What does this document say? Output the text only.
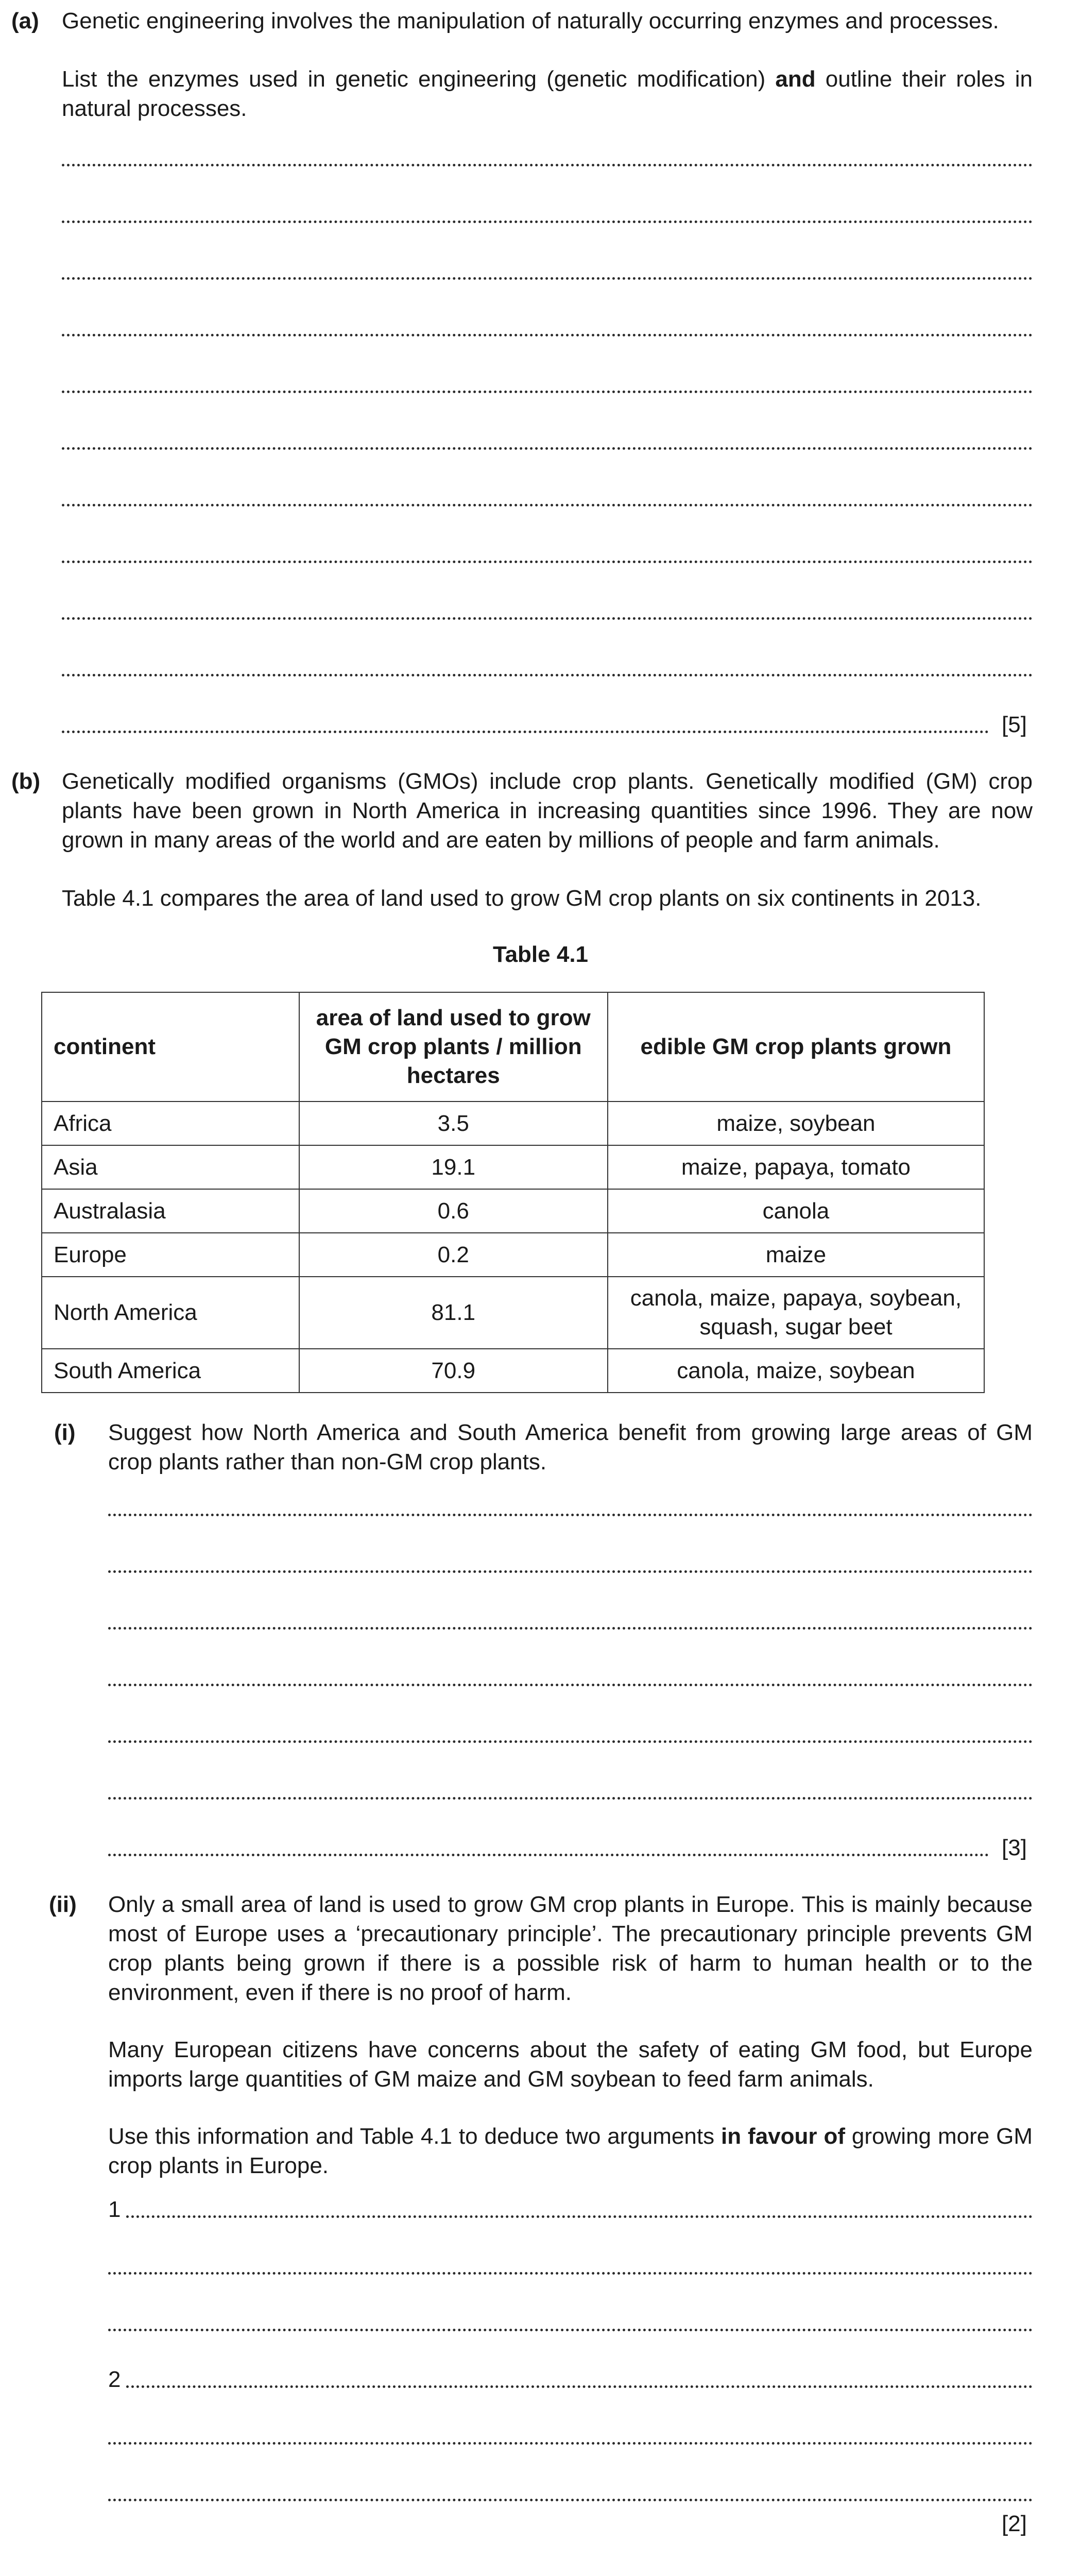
(a) Genetic engineering involves the manipulation of naturally occurring enzymes and processes.
List the enzymes used in genetic engineering (genetic modification) and outline their roles in natural processes.
[5]
(b) Genetically modified organisms (GMOs) include crop plants. Genetically modified (GM) crop plants have been grown in North America in increasing quantities since 1996. They are now grown in many areas of the world and are eaten by millions of people and farm animals.
Table 4.1 compares the area of land used to grow GM crop plants on six continents in 2013.
Table 4.1
continent	area of land used to grow GM crop plants / million hectares	edible GM crop plants grown
Africa	3.5	maize, soybean
Asia	19.1	maize, papaya, tomato
Australasia	0.6	canola
Europe	0.2	maize
North America	81.1	canola, maize, papaya, soybean, squash, sugar beet
South America	70.9	canola, maize, soybean
(i) Suggest how North America and South America benefit from growing large areas of GM crop plants rather than non-GM crop plants.
[3]
(ii) Only a small area of land is used to grow GM crop plants in Europe. This is mainly because most of Europe uses a ‘precautionary principle’. The precautionary principle prevents GM crop plants being grown if there is a possible risk of harm to human health or to the environment, even if there is no proof of harm.
Many European citizens have concerns about the safety of eating GM food, but Europe imports large quantities of GM maize and GM soybean to feed farm animals.
Use this information and Table 4.1 to deduce two arguments in favour of growing more GM crop plants in Europe.
1
2
[2]
